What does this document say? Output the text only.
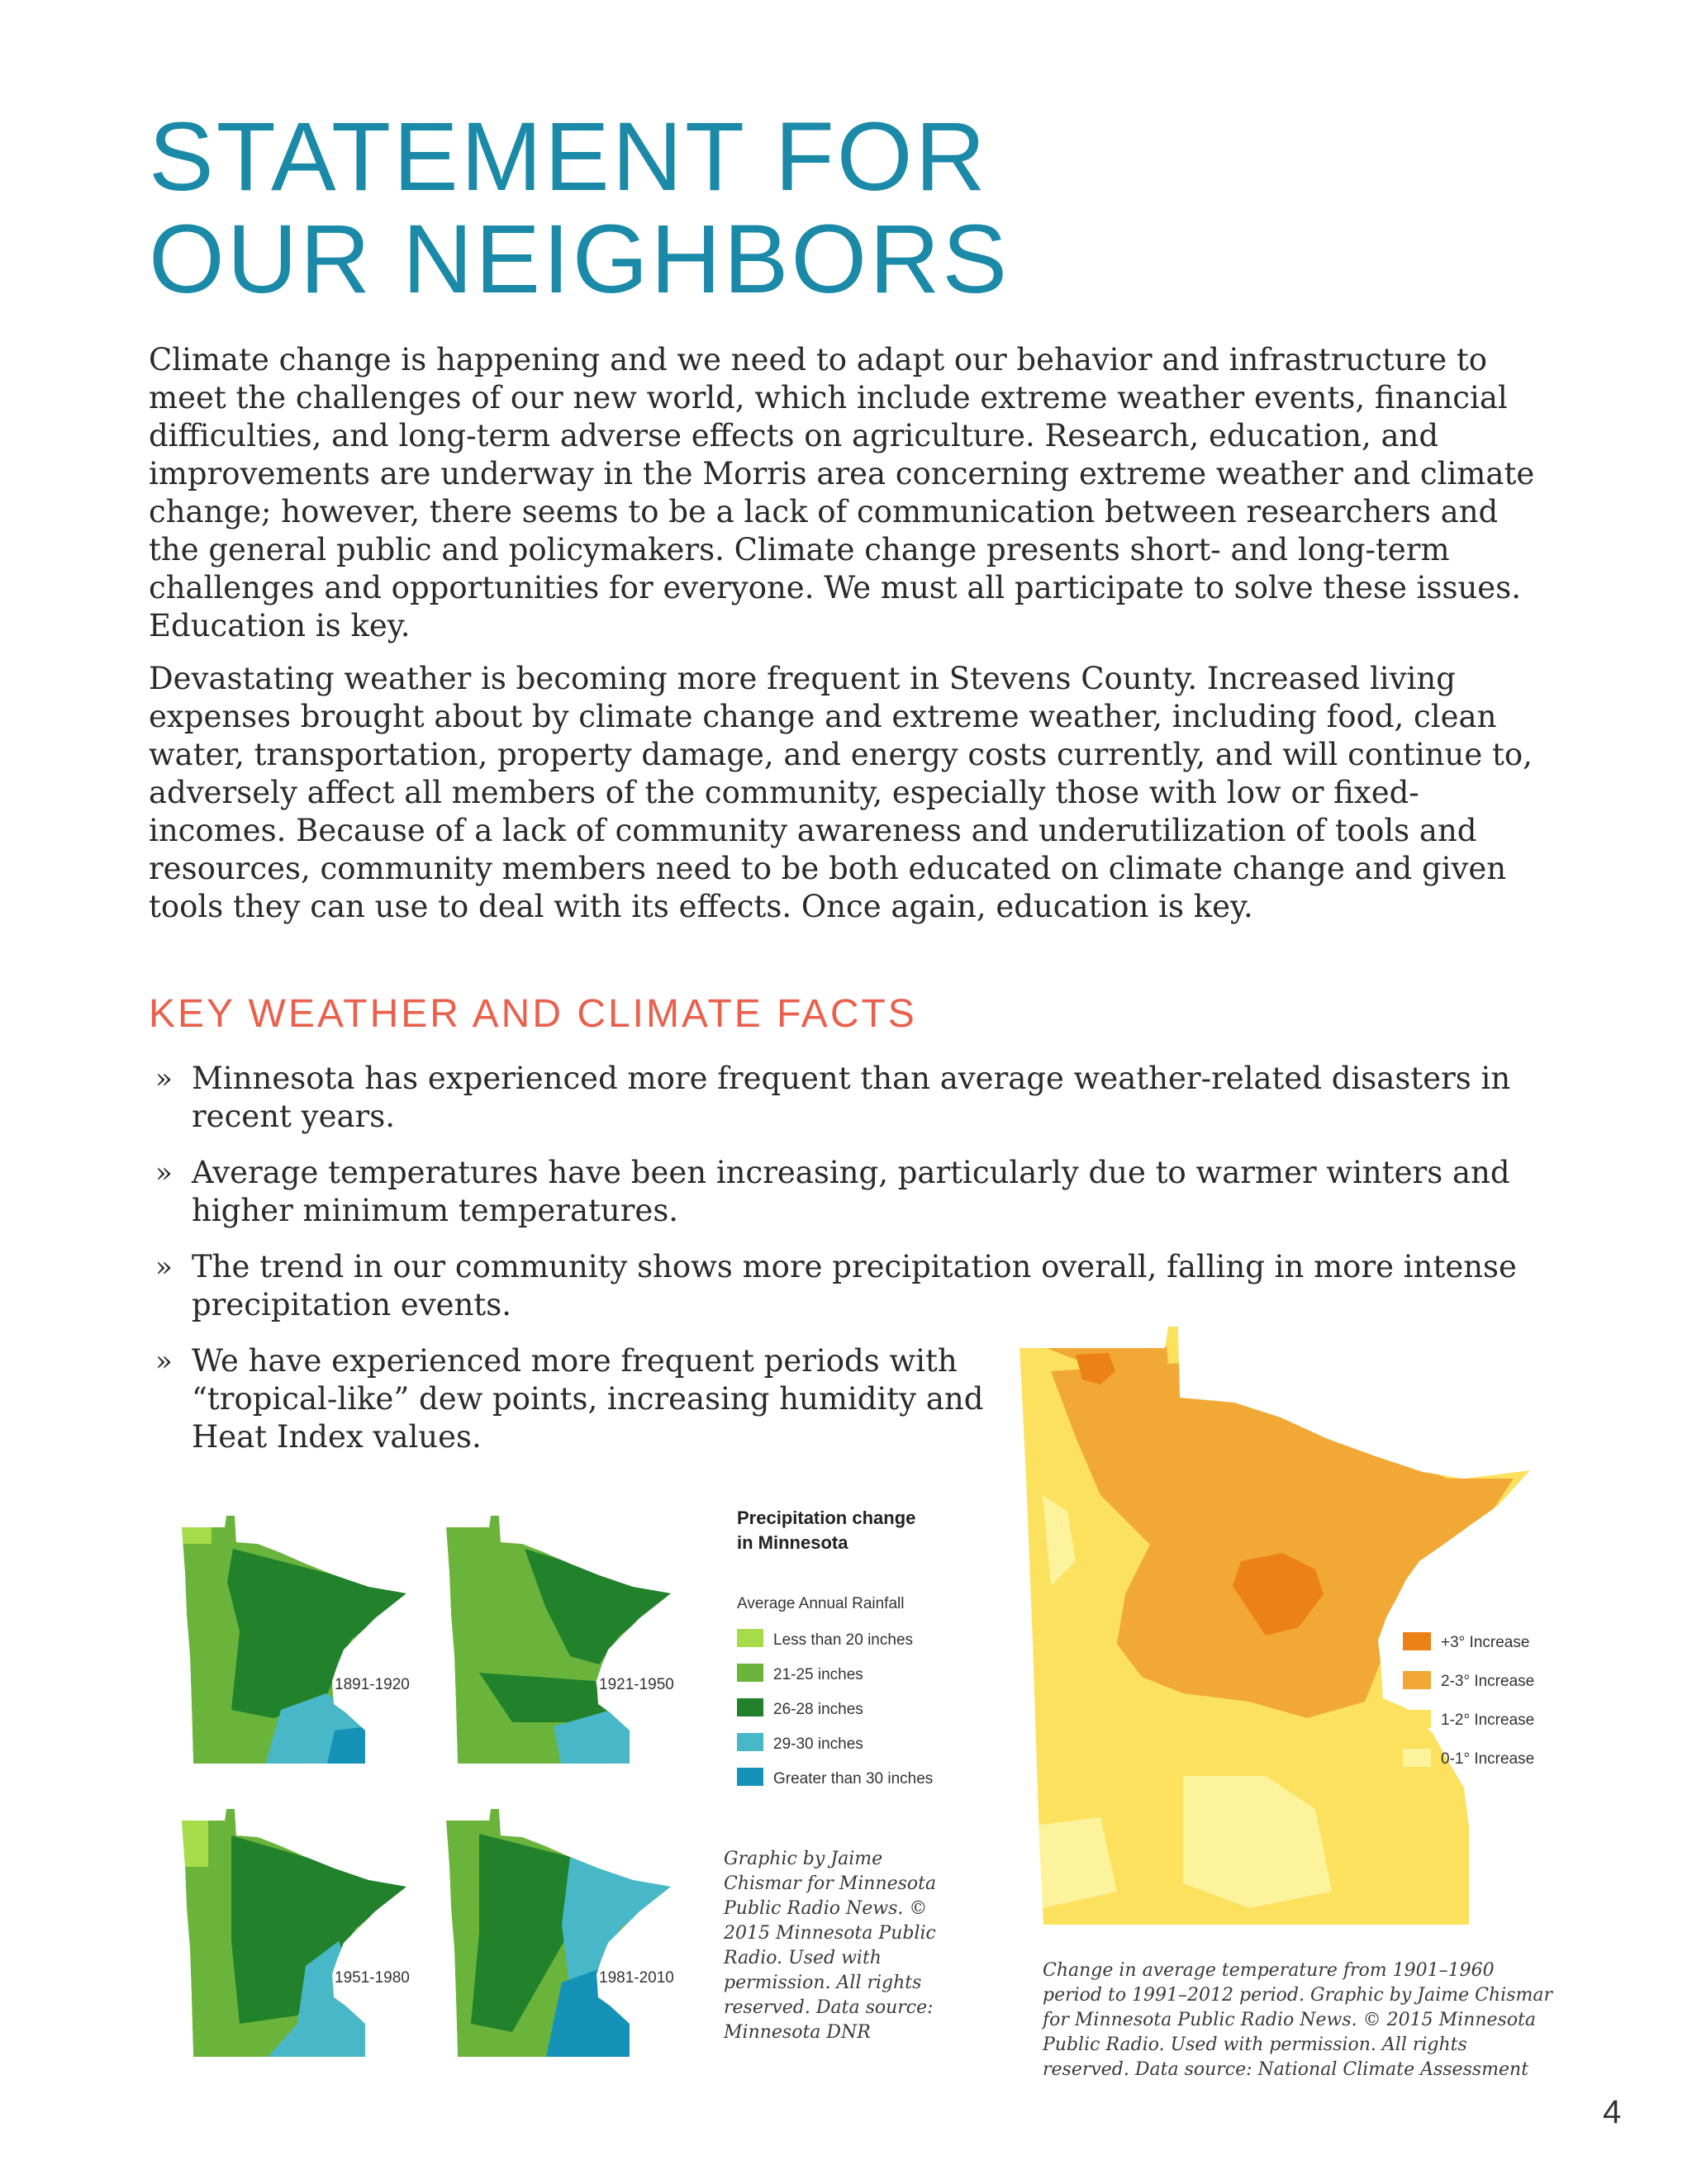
STATEMENT FOR
OUR NEIGHBORS

Climate change is happening and we need to adapt our behavior and infrastructure to meet the challenges of our new world, which include extreme weather events, financial difficulties, and long-term adverse effects on agriculture. Research, education, and improvements are underway in the Morris area concerning extreme weather and climate change; however, there seems to be a lack of communication between researchers and the general public and policymakers. Climate change presents short- and long-term challenges and opportunities for everyone. We must all participate to solve these issues. Education is key.

Devastating weather is becoming more frequent in Stevens County. Increased living expenses brought about by climate change and extreme weather, including food, clean water, transportation, property damage, and energy costs currently, and will continue to, adversely affect all members of the community, especially those with low or fixed-incomes. Because of a lack of community awareness and underutilization of tools and resources, community members need to be both educated on climate change and given tools they can use to deal with its effects. Once again, education is key.

KEY WEATHER AND CLIMATE FACTS
» Minnesota has experienced more frequent than average weather-related disasters in recent years.
» Average temperatures have been increasing, particularly due to warmer winters and higher minimum temperatures.
» The trend in our community shows more precipitation overall, falling in more intense precipitation events.
» We have experienced more frequent periods with “tropical-like” dew points, increasing humidity and Heat Index values.
1891-1920	1921-1950
1951-1980	1981-2010
Precipitation change
in Minnesota
Average Annual Rainfall
Less than 20 inches
21-25 inches
26-28 inches
29-30 inches
Greater than 30 inches

Graphic by Jaime Chismar for Minnesota Public Radio News. © 2015 Minnesota Public Radio. Used with permission. All rights reserved. Data source: Minnesota DNR

+3° Increase
2-3° Increase
1-2° Increase
0-1° Increase

Change in average temperature from 1901–1960 period to 1991–2012 period. Graphic by Jaime Chismar for Minnesota Public Radio News. © 2015 Minnesota Public Radio. Used with permission. All rights reserved. Data source: National Climate Assessment

4
